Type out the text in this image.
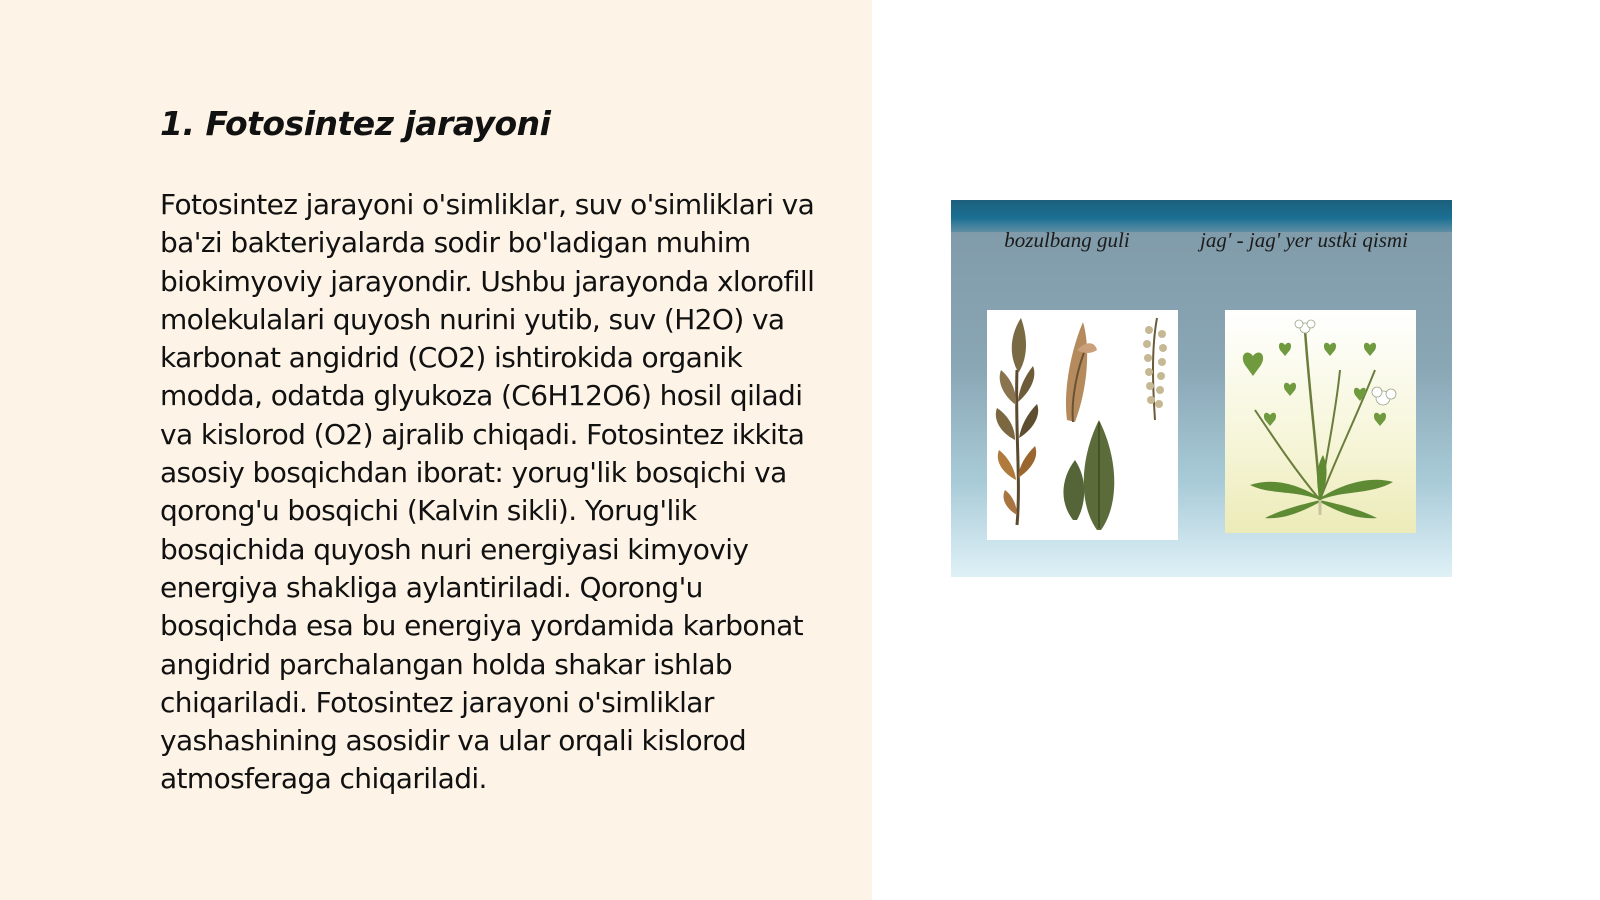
1. Fotosintez jarayoni

Fotosintez jarayoni o'simliklar, suv o'simliklari va ba'zi bakteriyalarda sodir bo'ladigan muhim biokimyoviy jarayondir. Ushbu jarayonda xlorofill molekulalari quyosh nurini yutib, suv (H2O) va karbonat angidrid (CO2) ishtirokida organik modda, odatda glyukoza (C6H12O6) hosil qiladi va kislorod (O2) ajralib chiqadi. Fotosintez ikkita asosiy bosqichdan iborat: yorug'lik bosqichi va qorong'u bosqichi (Kalvin sikli). Yorug'lik bosqichida quyosh nuri energiyasi kimyoviy energiya shakliga aylantiriladi. Qorong'u bosqichda esa bu energiya yordamida karbonat angidrid parchalangan holda shakar ishlab chiqariladi. Fotosintez jarayoni o'simliklar yashashining asosidir va ular orqali kislorod atmosferaga chiqariladi.

bozulbang guli	jag' - jag' yer ustki qismi
